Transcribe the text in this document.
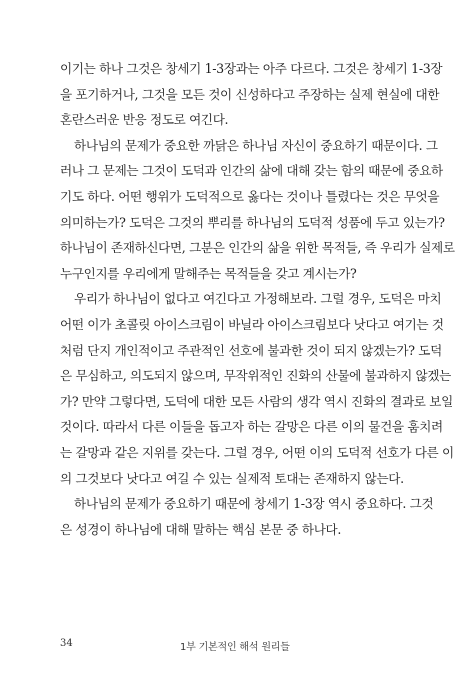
이기는 하나 그것은 창세기 1-3장과는 아주 다르다. 그것은 창세기 1-3장
을 포기하거나, 그것을 모든 것이 신성하다고 주장하는 실제 현실에 대한
혼란스러운 반응 정도로 여긴다.

하나님의 문제가 중요한 까닭은 하나님 자신이 중요하기 때문이다. 그
러나 그 문제는 그것이 도덕과 인간의 삶에 대해 갖는 함의 때문에 중요하
기도 하다. 어떤 행위가 도덕적으로 옳다는 것이나 틀렸다는 것은 무엇을
의미하는가? 도덕은 그것의 뿌리를 하나님의 도덕적 성품에 두고 있는가?
하나님이 존재하신다면, 그분은 인간의 삶을 위한 목적들, 즉 우리가 실제로
누구인지를 우리에게 말해주는 목적들을 갖고 계시는가?

우리가 하나님이 없다고 여긴다고 가정해보라. 그럴 경우, 도덕은 마치
어떤 이가 초콜릿 아이스크림이 바닐라 아이스크림보다 낫다고 여기는 것
처럼 단지 개인적이고 주관적인 선호에 불과한 것이 되지 않겠는가? 도덕
은 무심하고, 의도되지 않으며, 무작위적인 진화의 산물에 불과하지 않겠는
가? 만약 그렇다면, 도덕에 대한 모든 사람의 생각 역시 진화의 결과로 보일
것이다. 따라서 다른 이들을 돕고자 하는 갈망은 다른 이의 물건을 훔치려
는 갈망과 같은 지위를 갖는다. 그럴 경우, 어떤 이의 도덕적 선호가 다른 이
의 그것보다 낫다고 여길 수 있는 실제적 토대는 존재하지 않는다.

하나님의 문제가 중요하기 때문에 창세기 1-3장 역시 중요하다. 그것
은 성경이 하나님에 대해 말하는 핵심 본문 중 하나다.

34	1부 기본적인 해석 원리들
